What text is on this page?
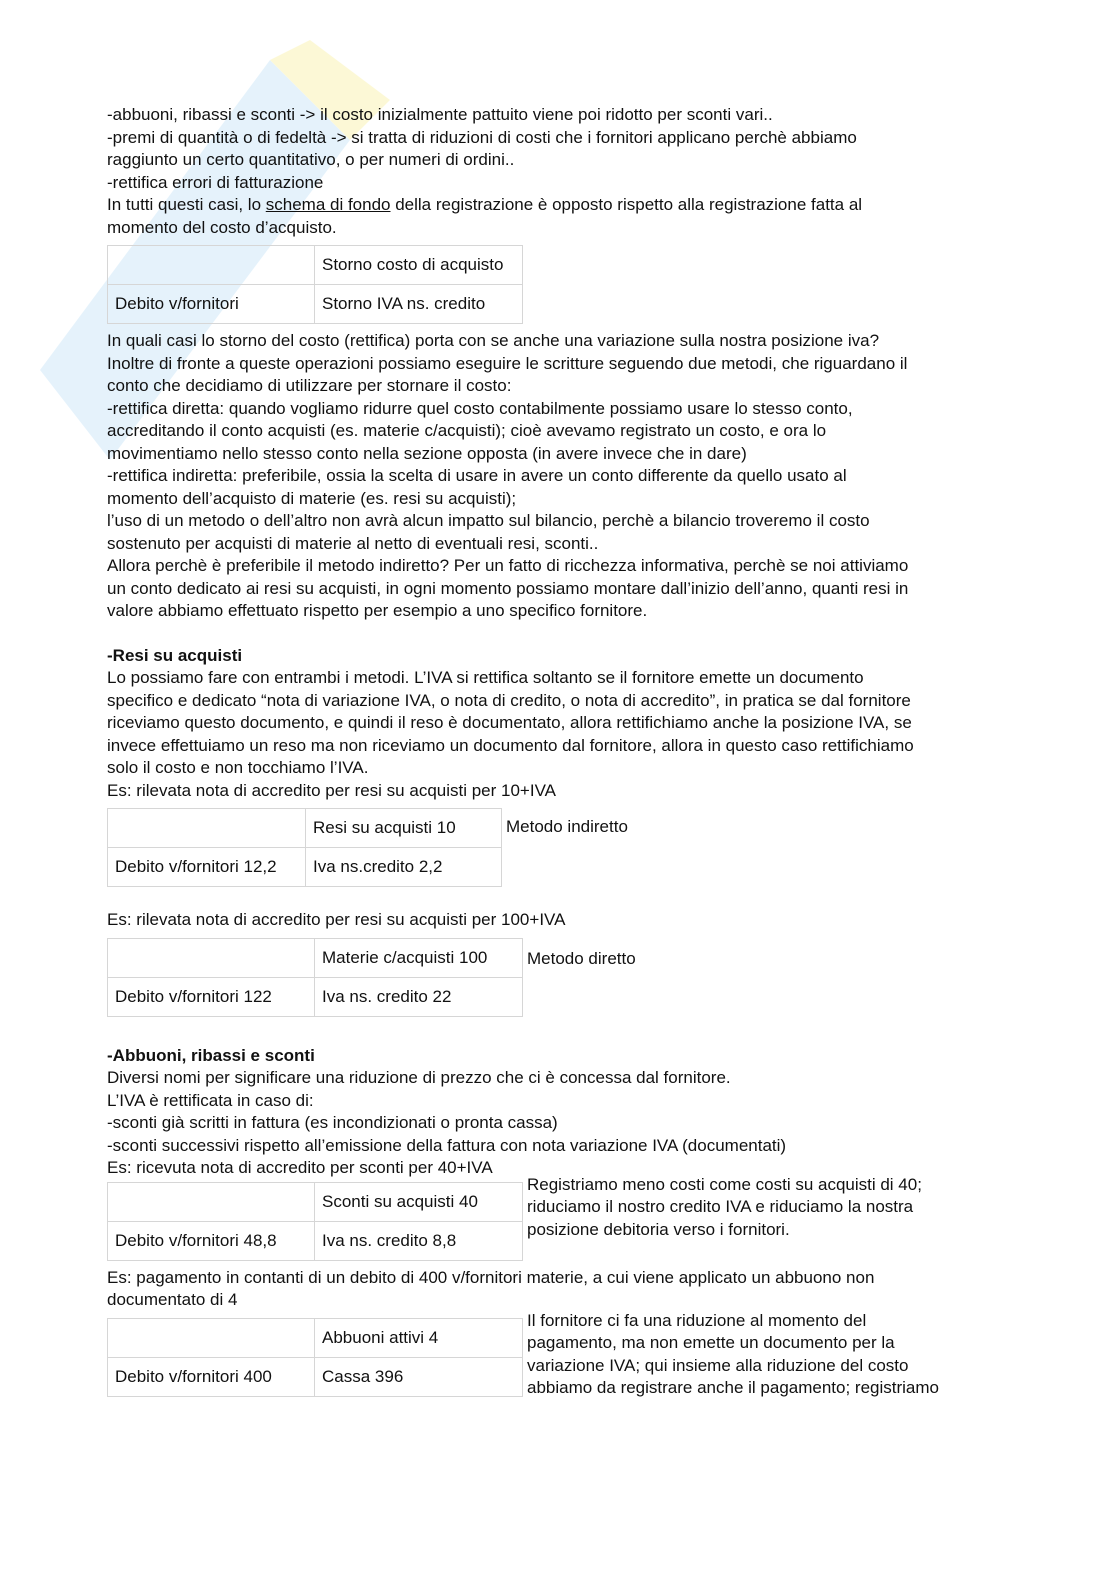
-abbuoni, ribassi e sconti -> il costo inizialmente pattuito viene poi ridotto per sconti vari..

-premi di quantità o di fedeltà -> si tratta di riduzioni di costi che i fornitori applicano perchè abbiamo

raggiunto un certo quantitativo, o per numeri di ordini..

-rettifica errori di fatturazione

In tutti questi casi, lo schema di fondo della registrazione è opposto rispetto alla registrazione fatta al

momento del costo d’acquisto.

	Storno costo di acquisto
Debito v/fornitori	Storno IVA ns. credito

In quali casi lo storno del costo (rettifica) porta con se anche una variazione sulla nostra posizione iva?

Inoltre di fronte a queste operazioni possiamo eseguire le scritture seguendo due metodi, che riguardano il

conto che decidiamo di utilizzare per stornare il costo:

-rettifica diretta: quando vogliamo ridurre quel costo contabilmente possiamo usare lo stesso conto,

accreditando il conto acquisti (es. materie c/acquisti); cioè avevamo registrato un costo, e ora lo

movimentiamo nello stesso conto nella sezione opposta (in avere invece che in dare)

-rettifica indiretta: preferibile, ossia la scelta di usare in avere un conto differente da quello usato al

momento dell’acquisto di materie (es. resi su acquisti);

l’uso di un metodo o dell’altro non avrà alcun impatto sul bilancio, perchè a bilancio troveremo il costo

sostenuto per acquisti di materie al netto di eventuali resi, sconti..

Allora perchè è preferibile il metodo indiretto? Per un fatto di ricchezza informativa, perchè se noi attiviamo

un conto dedicato ai resi su acquisti, in ogni momento possiamo montare dall’inizio dell’anno, quanti resi in

valore abbiamo effettuato rispetto per esempio a uno specifico fornitore.

-Resi su acquisti

Lo possiamo fare con entrambi i metodi. L’IVA si rettifica soltanto se il fornitore emette un documento

specifico e dedicato “nota di variazione IVA, o nota di credito, o nota di accredito”, in pratica se dal fornitore

riceviamo questo documento, e quindi il reso è documentato, allora rettifichiamo anche la posizione IVA, se

invece effettuiamo un reso ma non riceviamo un documento dal fornitore, allora in questo caso rettifichiamo

solo il costo e non tocchiamo l’IVA.

Es: rilevata nota di accredito per resi su acquisti per 10+IVA

	Resi su acquisti 10
Debito v/fornitori 12,2	Iva ns.credito 2,2

Metodo indiretto

Es: rilevata nota di accredito per resi su acquisti per 100+IVA

	Materie c/acquisti 100
Debito v/fornitori 122	Iva ns. credito 22

Metodo diretto

-Abbuoni, ribassi e sconti

Diversi nomi per significare una riduzione di prezzo che ci è concessa dal fornitore.

L’IVA è rettificata in caso di:

-sconti già scritti in fattura (es incondizionati o pronta cassa)

-sconti successivi rispetto all’emissione della fattura con nota variazione IVA (documentati)

Es: ricevuta nota di accredito per sconti per 40+IVA

	Sconti su acquisti 40
Debito v/fornitori 48,8	Iva ns. credito 8,8

Registriamo meno costi come costi su acquisti di 40;

riduciamo il nostro credito IVA e riduciamo la nostra

posizione debitoria verso i fornitori.

Es: pagamento in contanti di un debito di 400 v/fornitori materie, a cui viene applicato un abbuono non

documentato di 4

	Abbuoni attivi 4
Debito v/fornitori 400	Cassa 396

Il fornitore ci fa una riduzione al momento del

pagamento, ma non emette un documento per la

variazione IVA; qui insieme alla riduzione del costo

abbiamo da registrare anche il pagamento; registriamo
